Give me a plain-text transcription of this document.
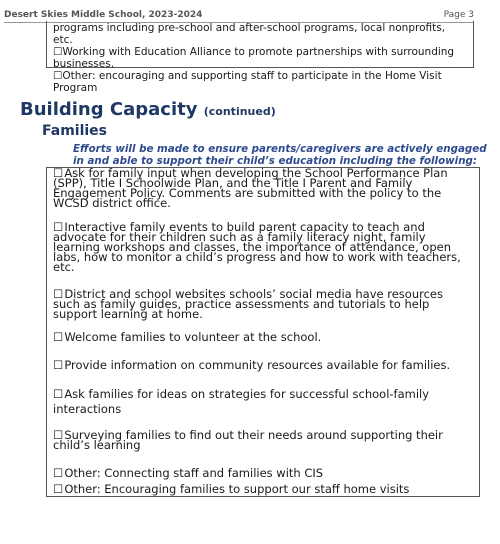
Desert Skies Middle School, 2023-2024	Page 3
programs including pre-school and after-school programs, local nonprofits, etc.
☐Working with Education Alliance to promote partnerships with surrounding businesses.
☐Other: encouraging and supporting staff to participate in the Home Visit Program
Building Capacity (continued)
Families
Efforts will be made to ensure parents/caregivers are actively engaged in and able to support their child’s education including the following:
☐Ask for family input when developing the School Performance Plan (SPP), Title I Schoolwide Plan, and the Title I Parent and Family Engagement Policy. Comments are submitted with the policy to the WCSD district office.
☐Interactive family events to build parent capacity to teach and advocate for their children such as a family literacy night, family learning workshops and classes, the importance of attendance, open labs, how to monitor a child’s progress and how to work with teachers, etc.
☐District and school websites schools’ social media have resources such as family guides, practice assessments and tutorials to help support learning at home.
☐Welcome families to volunteer at the school.
☐Provide information on community resources available for families.
☐Ask families for ideas on strategies for successful school-family interactions
☐Surveying families to find out their needs around supporting their child’s learning
☐Other: Connecting staff and families with CIS
☐Other: Encouraging families to support our staff home visits
